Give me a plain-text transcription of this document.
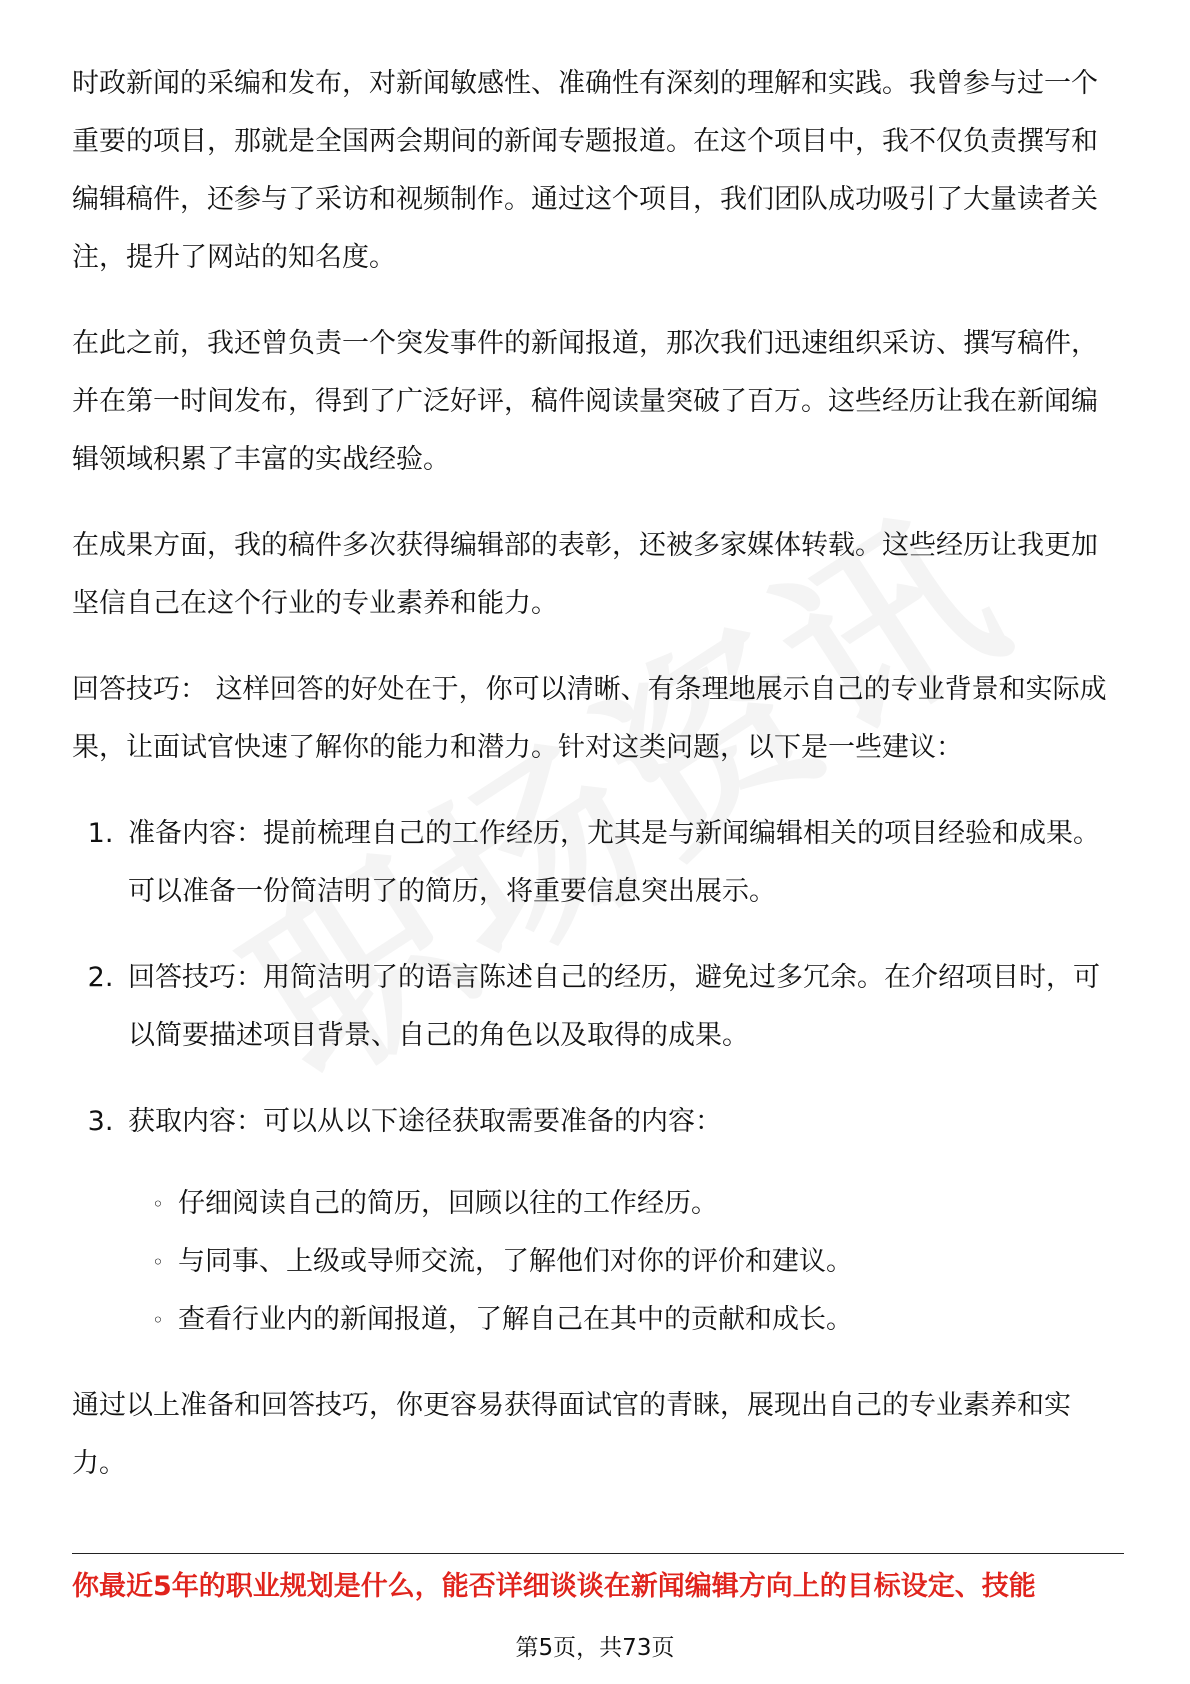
时政新闻的采编和发布，对新闻敏感性、准确性有深刻的理解和实践。我曾参与过一个重要的项目，那就是全国两会期间的新闻专题报道。在这个项目中，我不仅负责撰写和编辑稿件，还参与了采访和视频制作。通过这个项目，我们团队成功吸引了大量读者关注，提升了网站的知名度。

在此之前，我还曾负责一个突发事件的新闻报道，那次我们迅速组织采访、撰写稿件，并在第一时间发布，得到了广泛好评，稿件阅读量突破了百万。这些经历让我在新闻编辑领域积累了丰富的实战经验。

在成果方面，我的稿件多次获得编辑部的表彰，还被多家媒体转载。这些经历让我更加坚信自己在这个行业的专业素养和能力。

回答技巧： 这样回答的好处在于，你可以清晰、有条理地展示自己的专业背景和实际成果，让面试官快速了解你的能力和潜力。针对这类问题，以下是一些建议：

1. 准备内容：提前梳理自己的工作经历，尤其是与新闻编辑相关的项目经验和成果。可以准备一份简洁明了的简历，将重要信息突出展示。
2. 回答技巧：用简洁明了的语言陈述自己的经历，避免过多冗余。在介绍项目时，可以简要描述项目背景、自己的角色以及取得的成果。
3. 获取内容：可以从以下途径获取需要准备的内容：
◦ 仔细阅读自己的简历，回顾以往的工作经历。
◦ 与同事、上级或导师交流，了解他们对你的评价和建议。
◦ 查看行业内的新闻报道，了解自己在其中的贡献和成长。

通过以上准备和回答技巧，你更容易获得面试官的青睐，展现出自己的专业素养和实力。

你最近5年的职业规划是什么，能否详细谈谈在新闻编辑方向上的目标设定、技能
第5页，共73页
